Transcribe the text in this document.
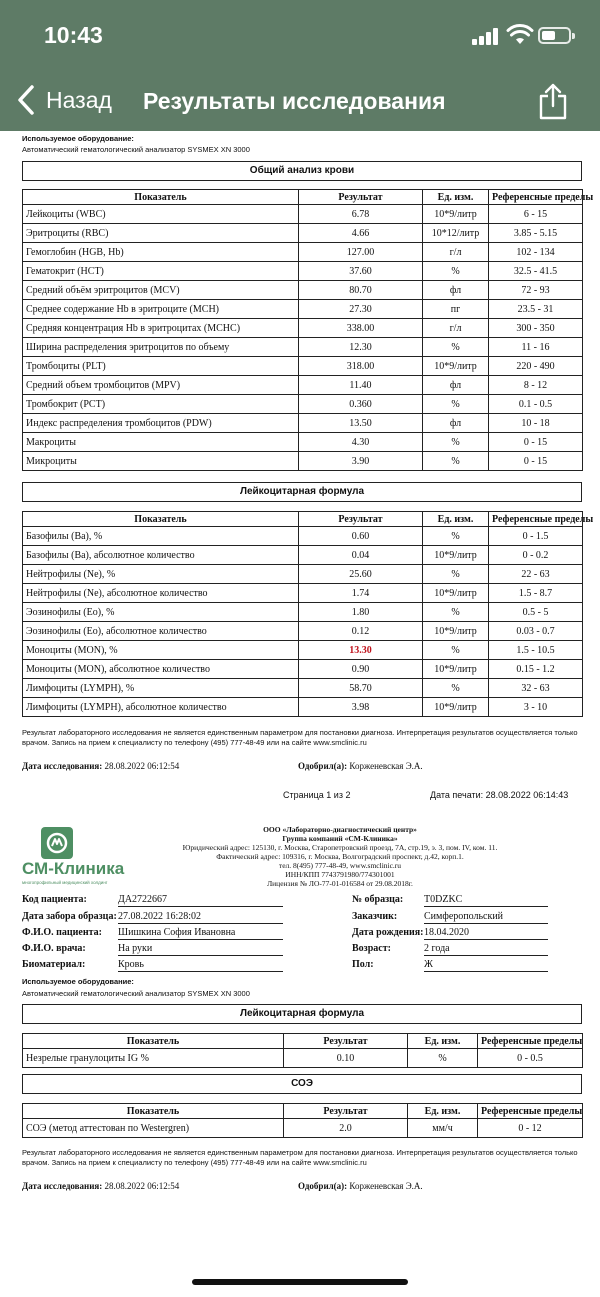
10:43
Назад Результаты исследования
Используемое оборудование:
Автоматический гематологический анализатор SYSMEX XN 3000
Общий анализ крови
Показатель	Результат	Ед. изм.	Референсные пределы
Лейкоциты (WBC)	6.78	10*9/литр	6 - 15
Эритроциты (RBC)	4.66	10*12/литр	3.85 - 5.15
Гемоглобин (HGB, Hb)	127.00	г/л	102 - 134
Гематокрит (HCT)	37.60	%	32.5 - 41.5
Средний объём эритроцитов (MCV)	80.70	фл	72 - 93
Среднее содержание Hb в эритроците (MCH)	27.30	пг	23.5 - 31
Средняя концентрация Hb в эритроцитах (MCHC)	338.00	г/л	300 - 350
Ширина распределения эритроцитов по объему	12.30	%	11 - 16
Тромбоциты (PLT)	318.00	10*9/литр	220 - 490
Средний объем тромбоцитов (MPV)	11.40	фл	8 - 12
Тромбокрит (PCT)	0.360	%	0.1 - 0.5
Индекс распределения тромбоцитов (PDW)	13.50	фл	10 - 18
Макроциты	4.30	%	0 - 15
Микроциты	3.90	%	0 - 15
Лейкоцитарная формула
Показатель	Результат	Ед. изм.	Референсные пределы
Базофилы (Ba), %	0.60	%	0 - 1.5
Базофилы (Ba), абсолютное количество	0.04	10*9/литр	0 - 0.2
Нейтрофилы (Ne), %	25.60	%	22 - 63
Нейтрофилы (Ne), абсолютное количество	1.74	10*9/литр	1.5 - 8.7
Эозинофилы (Eo), %	1.80	%	0.5 - 5
Эозинофилы (Eo), абсолютное количество	0.12	10*9/литр	0.03 - 0.7
Моноциты (MON), %	13.30	%	1.5 - 10.5
Моноциты (MON), абсолютное количество	0.90	10*9/литр	0.15 - 1.2
Лимфоциты (LYMPH), %	58.70	%	32 - 63
Лимфоциты (LYMPH), абсолютное количество	3.98	10*9/литр	3 - 10
Результат лабораторного исследования не является единственным параметром для постановки диагноза. Интерпретация результатов осуществляется только врачом. Запись на прием к специалисту по телефону (495) 777-48-49 или на сайте www.smclinic.ru
Дата исследования: 28.08.2022 06:12:54	Одобрил(а): Корженевская Э.А.
Страница 1 из 2	Дата печати: 28.08.2022 06:14:43
СМ-Клиника
многопрофильный медицинский холдинг
ООО «Лабораторно-диагностический центр»
Группа компаний «СМ-Клиника»
Юридический адрес: 125130, г. Москва, Старопетровский проезд, 7А, стр.19, э. 3, пом. IV, ком. 11.
Фактический адрес: 109316, г. Москва, Волгоградский проспект, д.42, корп.1.
тел. 8(495) 777-48-49, www.smclinic.ru
ИНН/КПП 7743791980/774301001
Лицензия № ЛО-77-01-016584 от 29.08.2018г.
Код пациента:	ДА2722667	№ образца: T0DZKC
Дата забора образца: 27.08.2022 16:28:02	Заказчик:	Симферопольский
Ф.И.О. пациента: Шишкина София Ивановна	Дата рождения: 18.04.2020
Ф.И.О. врача:	На руки	Возраст:	2 года
Биоматериал:	Кровь	Пол:	Ж
Используемое оборудование:
Автоматический гематологический анализатор SYSMEX XN 3000
Лейкоцитарная формула
Показатель	Результат	Ед. изм.	Референсные пределы
Незрелые гранулоциты IG %	0.10	%	0 - 0.5
СОЭ
Показатель	Результат	Ед. изм.	Референсные пределы
СОЭ (метод аттестован по Westergren)	2.0	мм/ч	0 - 12
Результат лабораторного исследования не является единственным параметром для постановки диагноза. Интерпретация результатов осуществляется только врачом. Запись на прием к специалисту по телефону (495) 777-48-49 или на сайте www.smclinic.ru
Дата исследования: 28.08.2022 06:12:54	Одобрил(а): Корженевская Э.А.
